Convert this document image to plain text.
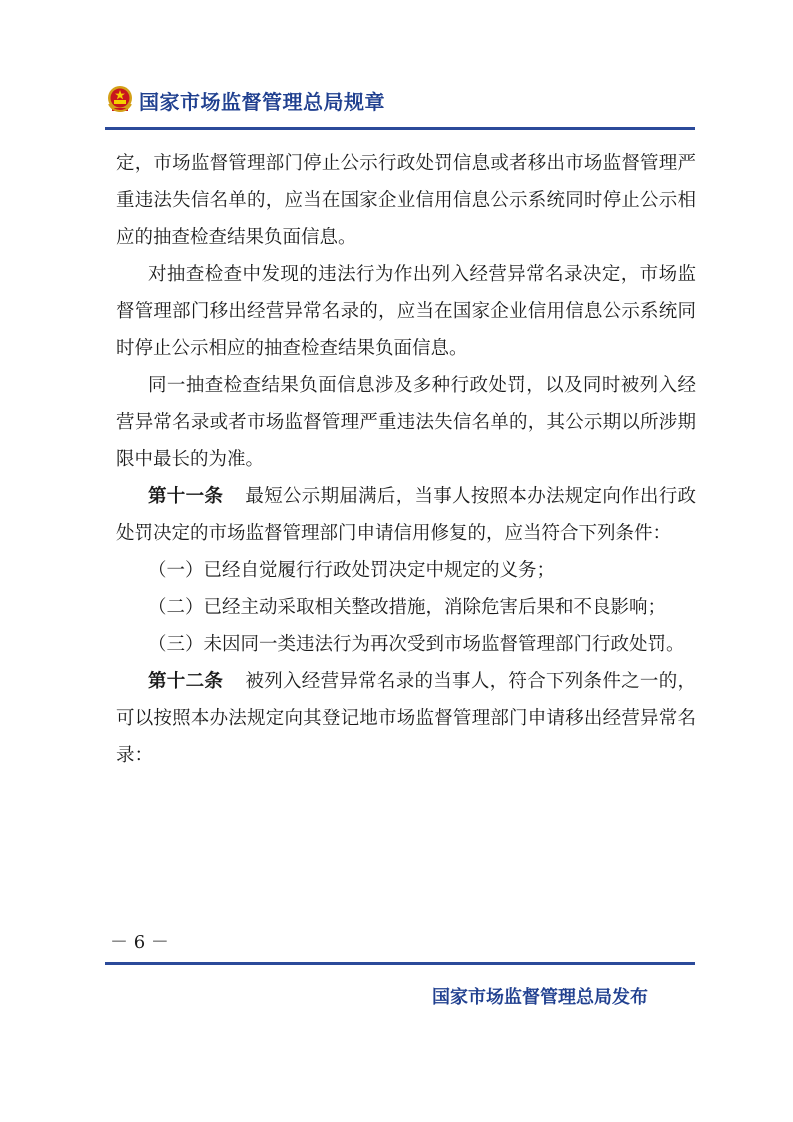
国家市场监督管理总局规章

定，市场监督管理部门停止公示行政处罚信息或者移出市场监督管理严重违法失信名单的，应当在国家企业信用信息公示系统同时停止公示相应的抽查检查结果负面信息。

对抽查检查中发现的违法行为作出列入经营异常名录决定，市场监督管理部门移出经营异常名录的，应当在国家企业信用信息公示系统同时停止公示相应的抽查检查结果负面信息。

同一抽查检查结果负面信息涉及多种行政处罚，以及同时被列入经营异常名录或者市场监督管理严重违法失信名单的，其公示期以所涉期限中最长的为准。

第十一条 最短公示期届满后，当事人按照本办法规定向作出行政处罚决定的市场监督管理部门申请信用修复的，应当符合下列条件：

（一）已经自觉履行行政处罚决定中规定的义务；

（二）已经主动采取相关整改措施，消除危害后果和不良影响；

（三）未因同一类违法行为再次受到市场监督管理部门行政处罚。

第十二条 被列入经营异常名录的当事人，符合下列条件之一的，可以按照本办法规定向其登记地市场监督管理部门申请移出经营异常名录：

－ 6 －
国家市场监督管理总局发布
